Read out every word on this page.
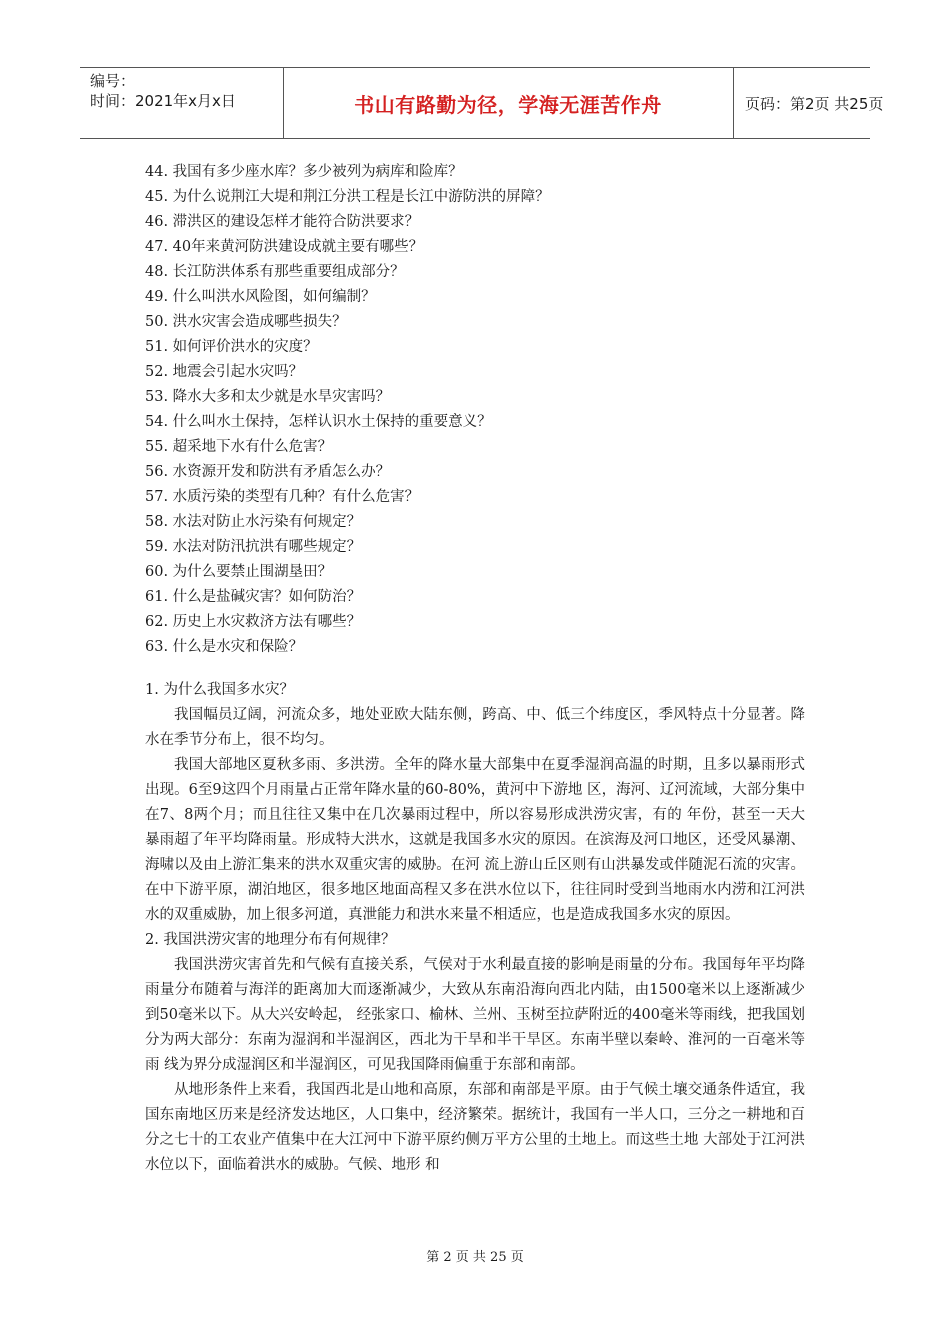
编号：
时间：2021年x月x日	书山有路勤为径，学海无涯苦作舟	页码：第2页 共25页
44. 我国有多少座水库？多少被列为病库和险库？
45. 为什么说荆江大堤和荆江分洪工程是长江中游防洪的屏障？
46. 滞洪区的建设怎样才能符合防洪要求？
47. 40年来黄河防洪建设成就主要有哪些？
48. 长江防洪体系有那些重要组成部分？
49. 什么叫洪水风险图，如何编制？
50. 洪水灾害会造成哪些损失？
51. 如何评价洪水的灾度？
52. 地震会引起水灾吗？
53. 降水大多和太少就是水旱灾害吗？
54. 什么叫水土保持，怎样认识水土保持的重要意义？
55. 超采地下水有什么危害？
56. 水资源开发和防洪有矛盾怎么办？
57. 水质污染的类型有几种？有什么危害？
58. 水法对防止水污染有何规定？
59. 水法对防汛抗洪有哪些规定？
60. 为什么要禁止围湖垦田？
61. 什么是盐碱灾害？如何防治？
62. 历史上水灾救济方法有哪些？
63. 什么是水灾和保险？
1. 为什么我国多水灾？

我国幅员辽阔，河流众多，地处亚欧大陆东侧，跨高、中、低三个纬度区，季风特点十分显著。降水在季节分布上，很不均匀。

我国大部地区夏秋多雨、多洪涝。全年的降水量大部集中在夏季湿润高温的时期，且多以暴雨形式出现。6至9这四个月雨量占正常年降水量的60-80%，黄河中下游地 区，海河、辽河流域，大部分集中在7、8两个月；而且往往又集中在几次暴雨过程中，所以容易形成洪涝灾害，有的 年份，甚至一天大暴雨超了年平均降雨量。形成特大洪水，这就是我国多水灾的原因。在滨海及河口地区，还受风暴潮、海啸以及由上游汇集来的洪水双重灾害的威胁。在河 流上游山丘区则有山洪暴发或伴随泥石流的灾害。在中下游平原，湖泊地区，很多地区地面高程又多在洪水位以下，往往同时受到当地雨水内涝和江河洪水的双重威胁，加上很多河道，真泄能力和洪水来量不相适应，也是造成我国多水灾的原因。

2. 我国洪涝灾害的地理分布有何规律？

我国洪涝灾害首先和气候有直接关系，气侯对于水利最直接的影响是雨量的分布。我国每年平均降雨量分布随着与海洋的距离加大而逐渐减少，大致从东南沿海向西北内陆，由1500毫米以上逐渐减少到50毫米以下。从大兴安岭起， 经张家口、榆林、兰州、玉树至拉萨附近的400毫米等雨线，把我国划分为两大部分：东南为湿润和半湿润区，西北为干旱和半干旱区。东南半壁以秦岭、淮河的一百毫米等雨 线为界分成湿润区和半湿润区，可见我国降雨偏重于东部和南部。

从地形条件上来看，我国西北是山地和高原，东部和南部是平原。由于气候土壤交通条件适宜，我国东南地区历来是经济发达地区，人口集中，经济繁荣。据统计，我国有一半人口，三分之一耕地和百分之七十的工农业产值集中在大江河中下游平原约侧万平方公里的土地上。而这些土地 大部处于江河洪水位以下，面临着洪水的威胁。气候、地形 和

第 2 页 共 25 页
